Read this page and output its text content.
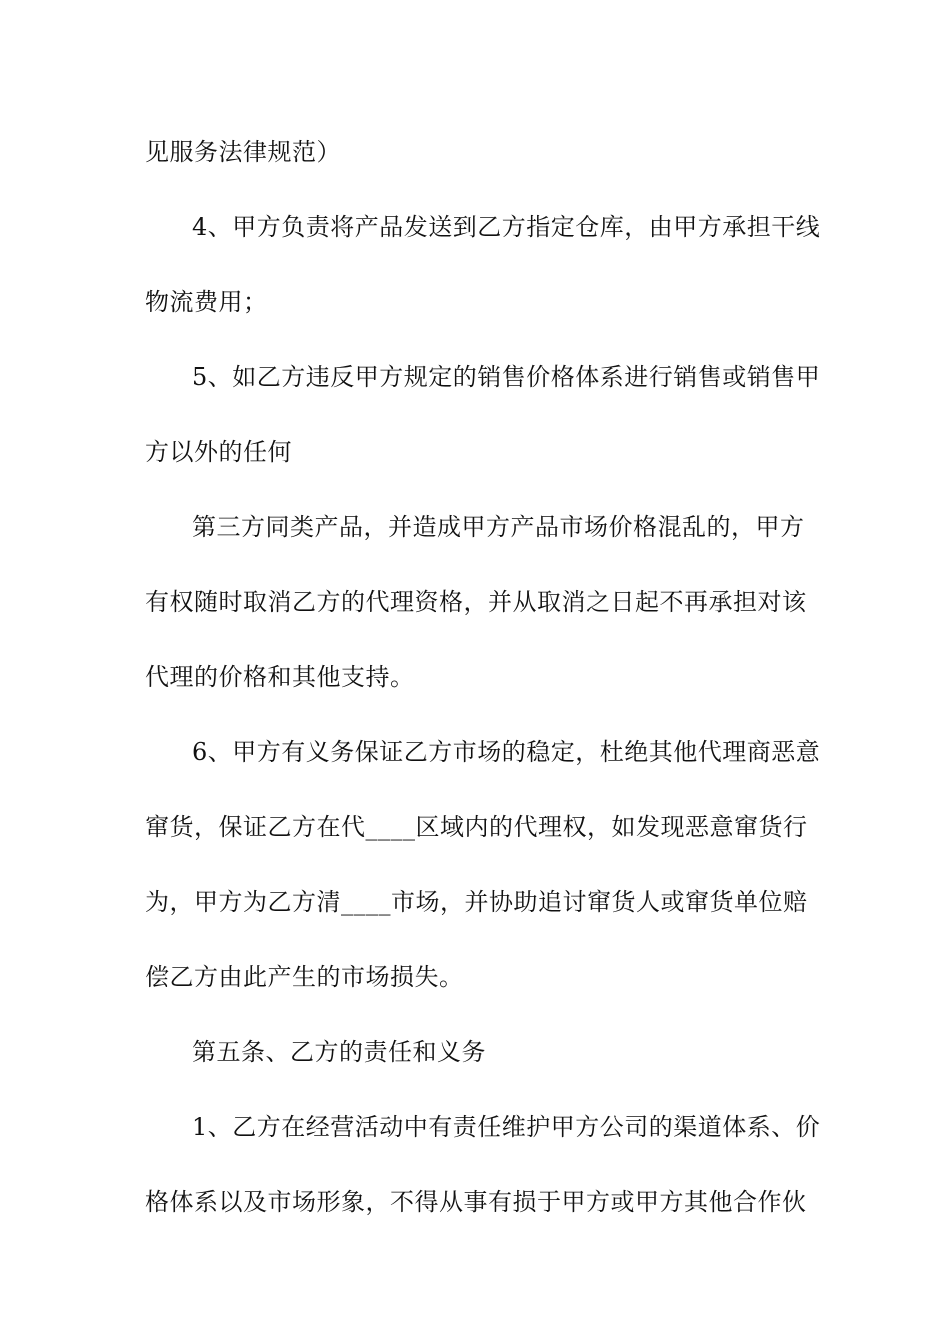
见服务法律规范）
4、甲方负责将产品发送到乙方指定仓库，由甲方承担干线
物流费用；
5、如乙方违反甲方规定的销售价格体系进行销售或销售甲
方以外的任何
第三方同类产品，并造成甲方产品市场价格混乱的，甲方
有权随时取消乙方的代理资格，并从取消之日起不再承担对该
代理的价格和其他支持。
6、甲方有义务保证乙方市场的稳定，杜绝其他代理商恶意
窜货，保证乙方在代____区域内的代理权，如发现恶意窜货行
为，甲方为乙方清____市场，并协助追讨窜货人或窜货单位赔
偿乙方由此产生的市场损失。
第五条、乙方的责任和义务
1、乙方在经营活动中有责任维护甲方公司的渠道体系、价
格体系以及市场形象，不得从事有损于甲方或甲方其他合作伙
